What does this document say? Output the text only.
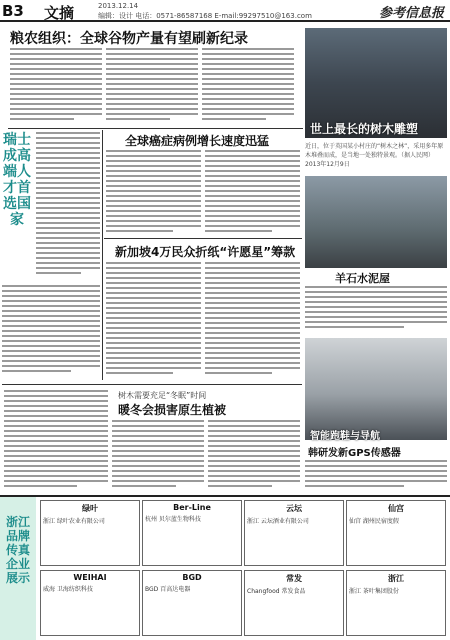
B3	文摘	2013.12.14
编辑：设计 电话：0571-86587168 E-mail:99297510@163.com	参考信息报
粮农组织：全球谷物产量有望刷新纪录
世上最长的树木雕塑
近日，位于英国某小村庄的“树木之林”，采用多年原木堆叠而成，是当地一处独特景观。（据人民网）2013年12月9日
瑞士成高端人才首选国家
全球癌症病例增长速度迅猛
羊石水泥屋
新加坡4万民众折纸“许愿星”筹款
智能跑鞋与导航
韩研发新GPS传感器
树木需要充足“冬眠”时间
暖冬会损害原生植被
浙江品牌传真企业展示
绿叶
浙江 绿叶农业有限公司
Ber-Line
杭州 贝尔蓝生物科技
云坛
浙江 云坛酒业有限公司
仙宫
仙宫 湖州民宿度假
WEIHAI
威海 卫海纺织科技
BGD
BGD 百高达电器
常发
Changfood 常发食品
浙江
浙江 茶叶集团股份
